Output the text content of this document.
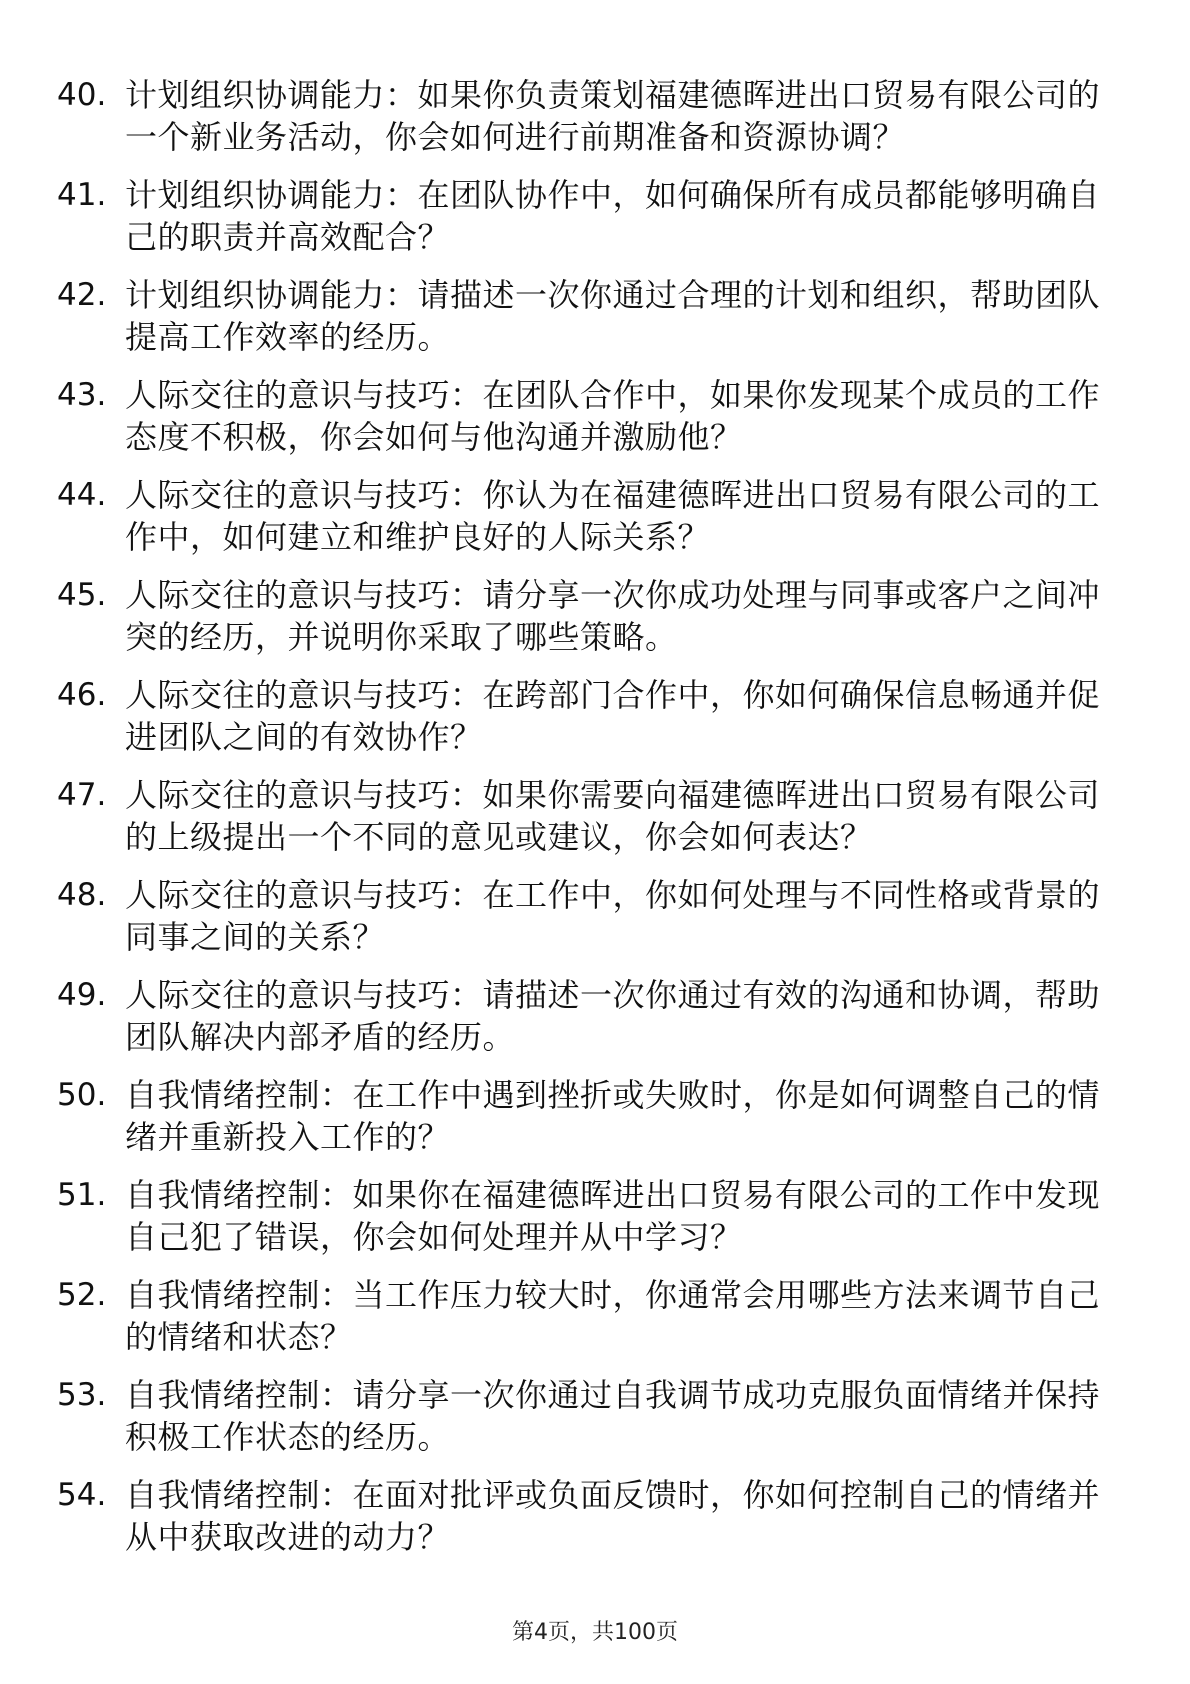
40. 计划组织协调能力：如果你负责策划福建德晖进出口贸易有限公司的一个新业务活动，你会如何进行前期准备和资源协调？
41. 计划组织协调能力：在团队协作中，如何确保所有成员都能够明确自己的职责并高效配合？
42. 计划组织协调能力：请描述一次你通过合理的计划和组织，帮助团队提高工作效率的经历。
43. 人际交往的意识与技巧：在团队合作中，如果你发现某个成员的工作态度不积极，你会如何与他沟通并激励他？
44. 人际交往的意识与技巧：你认为在福建德晖进出口贸易有限公司的工作中，如何建立和维护良好的人际关系？
45. 人际交往的意识与技巧：请分享一次你成功处理与同事或客户之间冲突的经历，并说明你采取了哪些策略。
46. 人际交往的意识与技巧：在跨部门合作中，你如何确保信息畅通并促进团队之间的有效协作？
47. 人际交往的意识与技巧：如果你需要向福建德晖进出口贸易有限公司的上级提出一个不同的意见或建议，你会如何表达？
48. 人际交往的意识与技巧：在工作中，你如何处理与不同性格或背景的同事之间的关系？
49. 人际交往的意识与技巧：请描述一次你通过有效的沟通和协调，帮助团队解决内部矛盾的经历。
50. 自我情绪控制：在工作中遇到挫折或失败时，你是如何调整自己的情绪并重新投入工作的？
51. 自我情绪控制：如果你在福建德晖进出口贸易有限公司的工作中发现自己犯了错误，你会如何处理并从中学习？
52. 自我情绪控制：当工作压力较大时，你通常会用哪些方法来调节自己的情绪和状态？
53. 自我情绪控制：请分享一次你通过自我调节成功克服负面情绪并保持积极工作状态的经历。
54. 自我情绪控制：在面对批评或负面反馈时，你如何控制自己的情绪并从中获取改进的动力？
第4页，共100页
